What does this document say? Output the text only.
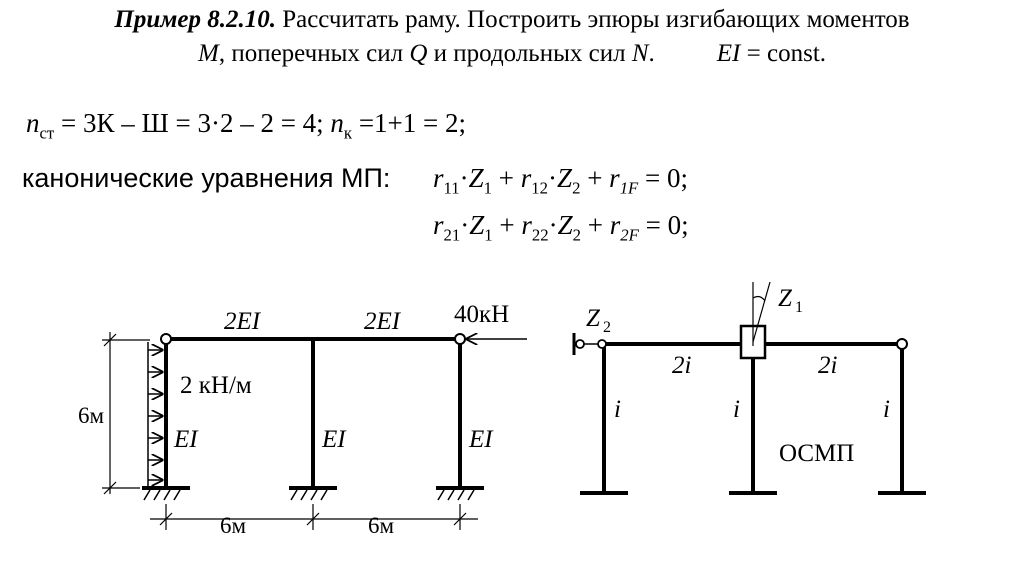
Пример 8.2.10. Рассчитать раму. Построить эпюры изгибающих моментов
M, поперечных сил Q и продольных сил N. EI = const.
$n_{ст} = 3К - Ш = 3\cdot 2 - 2 = 4$; $n_к =1+1 = 2$;
канонические уравнения МП: $r_{11}\cdot Z_1 + r_{12}\cdot Z_2 + r_{1F} = 0$;
$r_{21}\cdot Z_1 + r_{22}\cdot Z_2 + r_{2F} = 0$;
2EI	2EI 40кН
2 кН/м
EI	EI	EI
6м
6м	6м
Z 2
Z 1
2i	2i
i	i	i
ОСМП
